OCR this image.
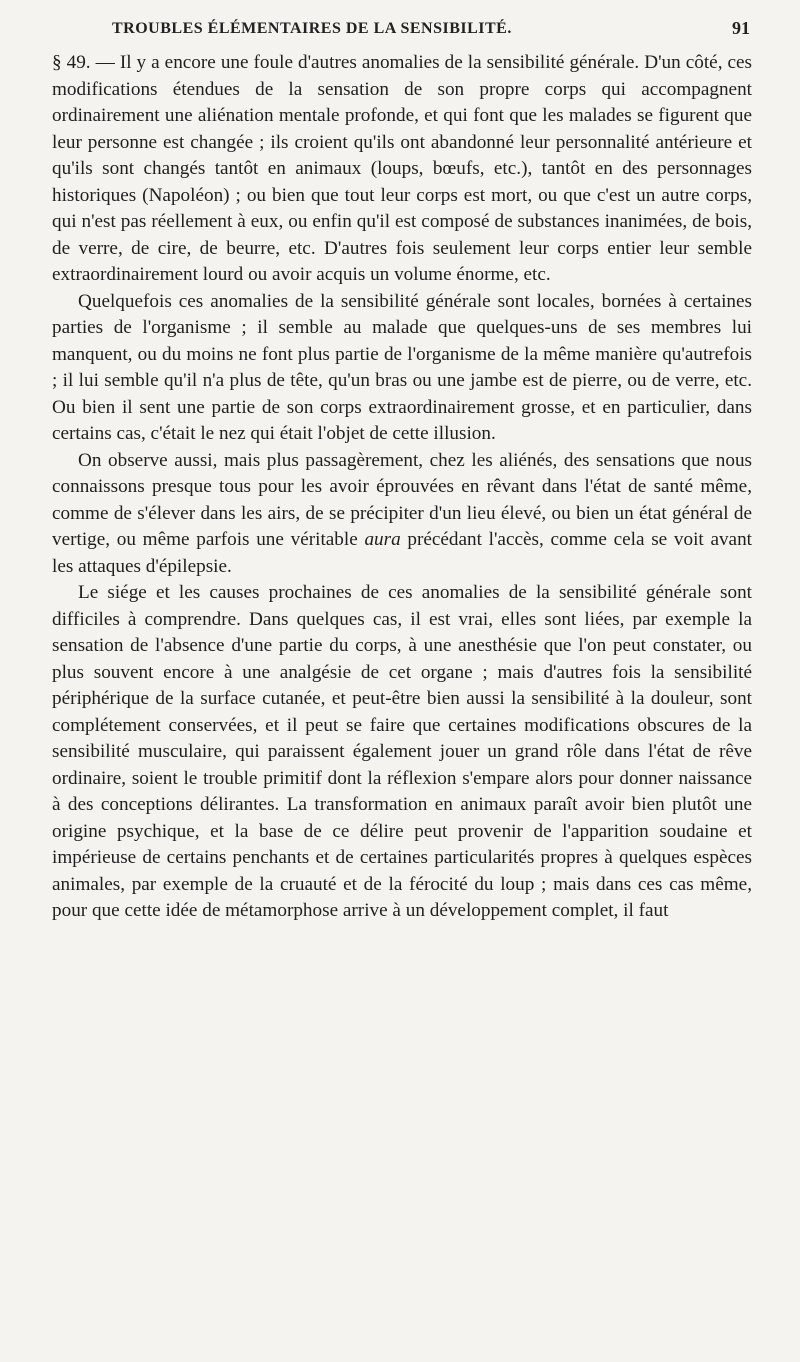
TROUBLES ÉLÉMENTAIRES DE LA SENSIBILITÉ.	91

§ 49. — Il y a encore une foule d'autres anomalies de la sensibilité générale. D'un côté, ces modifications étendues de la sensation de son propre corps qui accompagnent ordinairement une aliénation mentale profonde, et qui font que les malades se figurent que leur personne est changée ; ils croient qu'ils ont abandonné leur personnalité antérieure et qu'ils sont changés tantôt en animaux (loups, bœufs, etc.), tantôt en des personnages historiques (Napoléon) ; ou bien que tout leur corps est mort, ou que c'est un autre corps, qui n'est pas réellement à eux, ou enfin qu'il est composé de substances inanimées, de bois, de verre, de cire, de beurre, etc. D'autres fois seulement leur corps entier leur semble extraordinairement lourd ou avoir acquis un volume énorme, etc.

Quelquefois ces anomalies de la sensibilité générale sont locales, bornées à certaines parties de l'organisme ; il semble au malade que quelques-uns de ses membres lui manquent, ou du moins ne font plus partie de l'organisme de la même manière qu'autrefois ; il lui semble qu'il n'a plus de tête, qu'un bras ou une jambe est de pierre, ou de verre, etc. Ou bien il sent une partie de son corps extraordinairement grosse, et en particulier, dans certains cas, c'était le nez qui était l'objet de cette illusion.

On observe aussi, mais plus passagèrement, chez les aliénés, des sensations que nous connaissons presque tous pour les avoir éprouvées en rêvant dans l'état de santé même, comme de s'élever dans les airs, de se précipiter d'un lieu élevé, ou bien un état général de vertige, ou même parfois une véritable aura précédant l'accès, comme cela se voit avant les attaques d'épilepsie.

Le siége et les causes prochaines de ces anomalies de la sensibilité générale sont difficiles à comprendre. Dans quelques cas, il est vrai, elles sont liées, par exemple la sensation de l'absence d'une partie du corps, à une anesthésie que l'on peut constater, ou plus souvent encore à une analgésie de cet organe ; mais d'autres fois la sensibilité périphérique de la surface cutanée, et peut-être bien aussi la sensibilité à la douleur, sont complétement conservées, et il peut se faire que certaines modifications obscures de la sensibilité musculaire, qui paraissent également jouer un grand rôle dans l'état de rêve ordinaire, soient le trouble primitif dont la réflexion s'empare alors pour donner naissance à des conceptions délirantes. La transformation en animaux paraît avoir bien plutôt une origine psychique, et la base de ce délire peut provenir de l'apparition soudaine et impérieuse de certains penchants et de certaines particularités propres à quelques espèces animales, par exemple de la cruauté et de la férocité du loup ; mais dans ces cas même, pour que cette idée de métamorphose arrive à un développement complet, il faut
